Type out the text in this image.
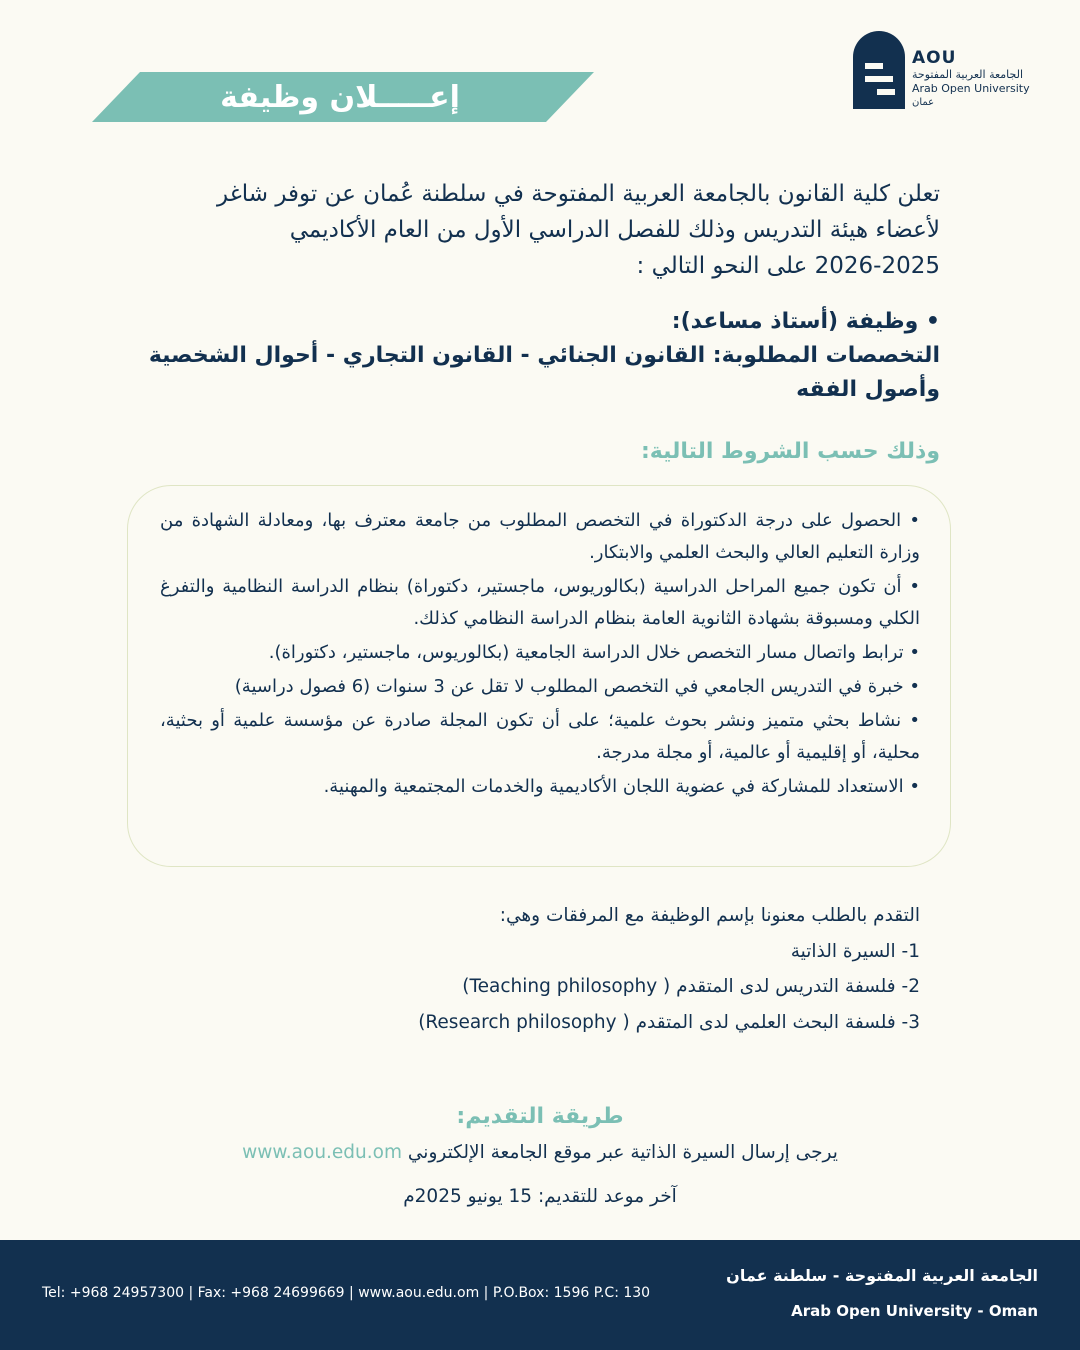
إعـــــلان وظيفة
AOU
الجامعة العربية المفتوحة
Arab Open University
عمان
تعلن كلية القانون بالجامعة العربية المفتوحة في سلطنة عُمان عن توفر شاغر
لأعضاء هيئة التدريس وذلك للفصل الدراسي الأول من العام الأكاديمي
2026-2025 على النحو التالي :
• وظيفة (أستاذ مساعد):
التخصصات المطلوبة: القانون الجنائي - القانون التجاري - أحوال الشخصية وأصول الفقه
وذلك حسب الشروط التالية:
• الحصول على درجة الدكتوراة في التخصص المطلوب من جامعة معترف بها، ومعادلة الشهادة من وزارة التعليم العالي والبحث العلمي والابتكار.
• أن تكون جميع المراحل الدراسية (بكالوريوس، ماجستير، دكتوراة) بنظام الدراسة النظامية والتفرغ الكلي ومسبوقة بشهادة الثانوية العامة بنظام الدراسة النظامي كذلك.
• ترابط واتصال مسار التخصص خلال الدراسة الجامعية (بكالوريوس، ماجستير، دكتوراة).
• خبرة في التدريس الجامعي في التخصص المطلوب لا تقل عن 3 سنوات (6 فصول دراسية)
• نشاط بحثي متميز ونشر بحوث علمية؛ على أن تكون المجلة صادرة عن مؤسسة علمية أو بحثية، محلية، أو إقليمية أو عالمية، أو مجلة مدرجة.
• الاستعداد للمشاركة في عضوية اللجان الأكاديمية والخدمات المجتمعية والمهنية.
التقدم بالطلب معنونا بإسم الوظيفة مع المرفقات وهي:
1- السيرة الذاتية
2- فلسفة التدريس لدى المتقدم ( Teaching philosophy)
3- فلسفة البحث العلمي لدى المتقدم ( Research philosophy)
طريقة التقديم:
يرجى إرسال السيرة الذاتية عبر موقع الجامعة الإلكتروني www.aou.edu.om
آخر موعد للتقديم: 15 يونيو 2025م
Tel: +968 24957300 | Fax: +968 24699669 | www.aou.edu.om | P.O.Box: 1596 P.C: 130
الجامعة العربية المفتوحة - سلطنة عمان
Arab Open University - Oman
